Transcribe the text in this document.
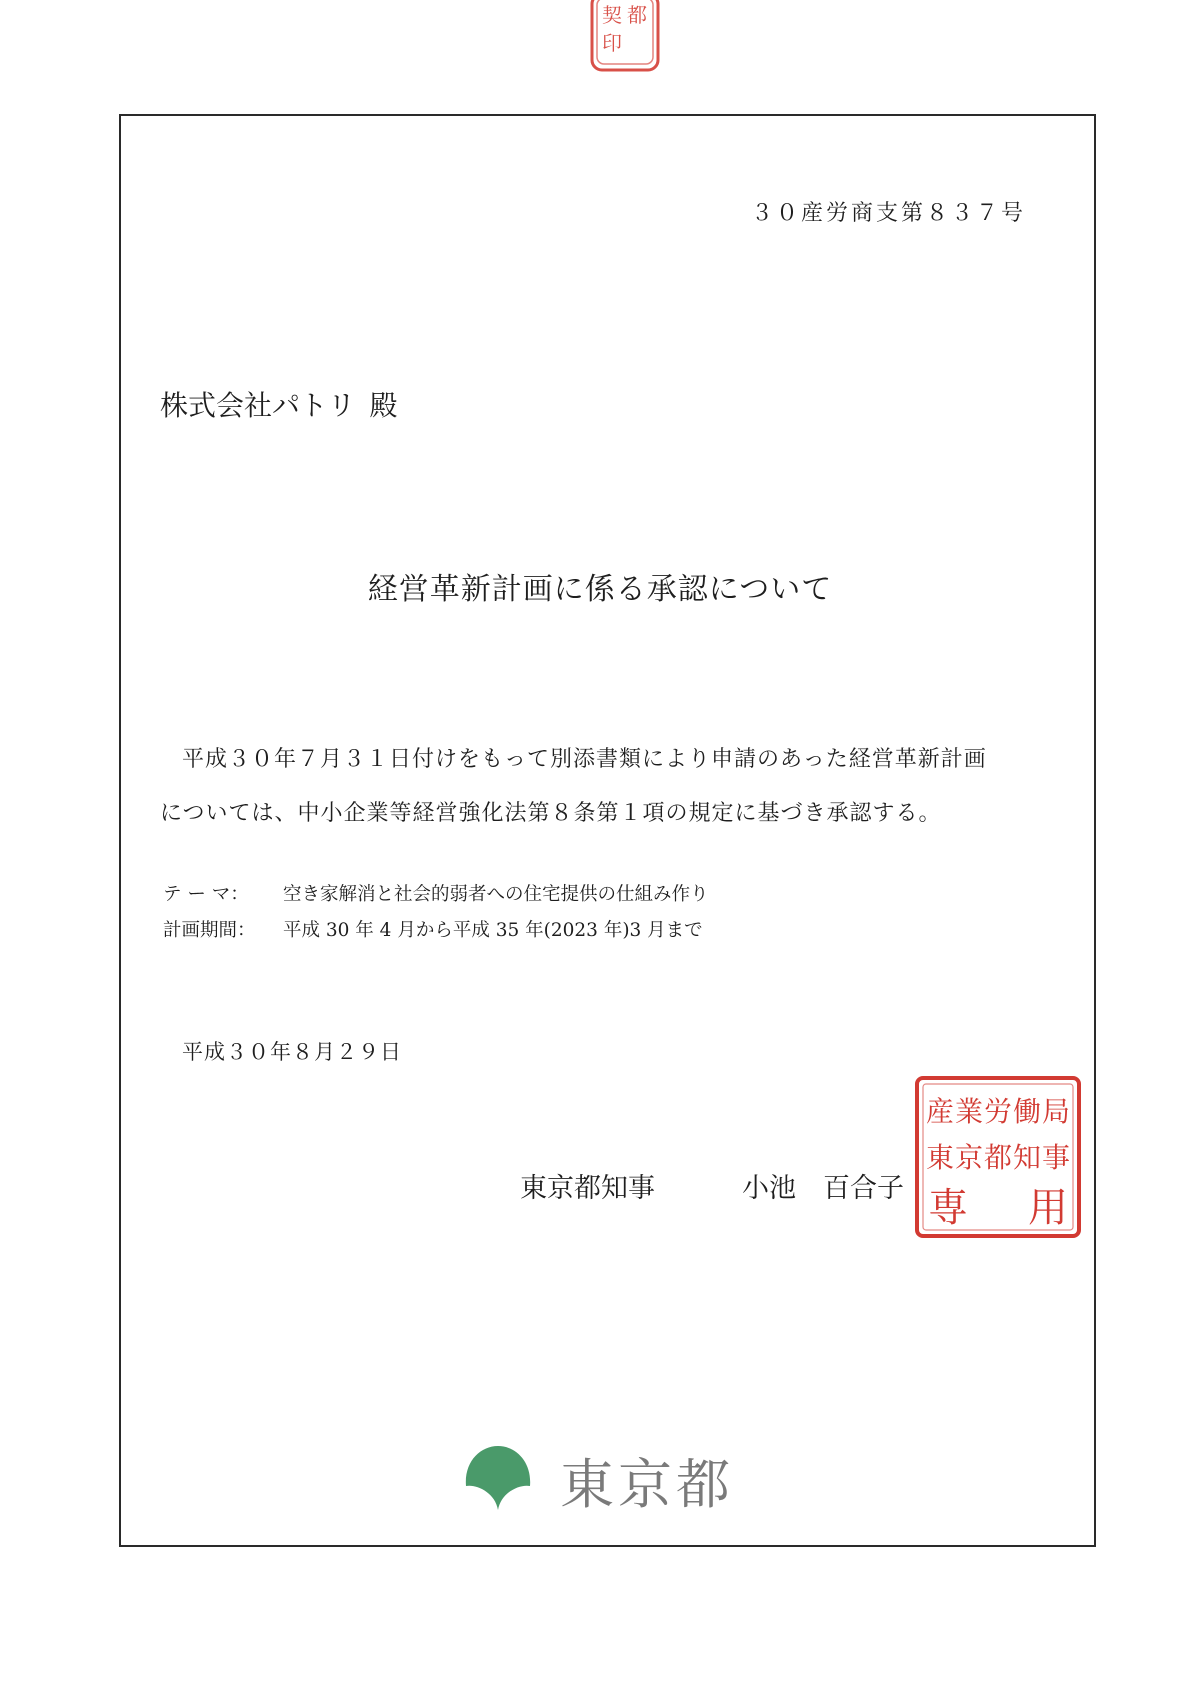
都
契
印
３０産労商支第８３７号
株式会社パトリ 殿
経営革新計画に係る承認について
平成３０年７月３１日付けをもって別添書類により申請のあった経営革新計画
については、中小企業等経営強化法第８条第１項の規定に基づき承認する。
テ ー マ： 空き家解消と社会的弱者への住宅提供の仕組み作り
計画期間： 平成 30 年 4 月から平成 35 年(2023 年)3 月まで
平成３０年８月２９日
東京都知事	小池　百合子
産 業 労 働 局
東 京 都 知 事
専 用
東京都
